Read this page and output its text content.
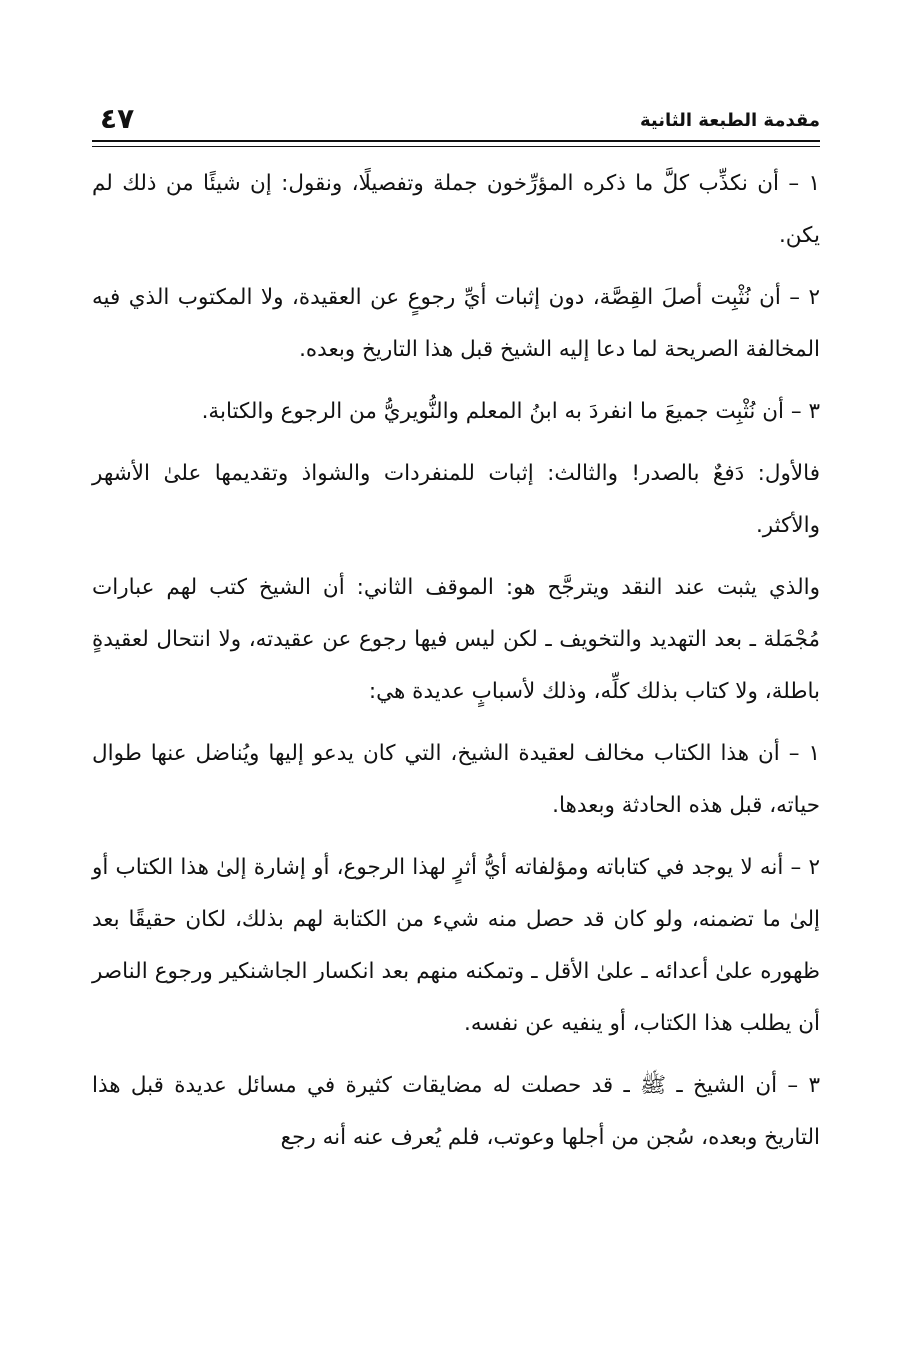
مقدمة الطبعة الثانية
٤٧

١ – أن نكذِّب كلَّ ما ذكره المؤرِّخون جملة وتفصيلًا، ونقول: إن شيئًا من ذلك لم يكن.

٢ – أن نُثْبِت أصلَ القِصَّة، دون إثبات أيِّ رجوعٍ عن العقيدة، ولا المكتوب الذي فيه المخالفة الصريحة لما دعا إليه الشيخ قبل هذا التاريخ وبعده.

٣ – أن نُثْبِت جميعَ ما انفردَ به ابنُ المعلم والنُّويريُّ من الرجوع والكتابة.

فالأول: دَفعٌ بالصدر! والثالث: إثبات للمنفردات والشواذ وتقديمها علىٰ الأشهر والأكثر.

والذي يثبت عند النقد ويترجَّح هو: الموقف الثاني: أن الشيخ كتب لهم عبارات مُجْمَلة ـ بعد التهديد والتخويف ـ لكن ليس فيها رجوع عن عقيدته، ولا انتحال لعقيدةٍ باطلة، ولا كتاب بذلك كلِّه، وذلك لأسبابٍ عديدة هي:

١ – أن هذا الكتاب مخالف لعقيدة الشيخ، التي كان يدعو إليها ويُناضل عنها طوال حياته، قبل هذه الحادثة وبعدها.

٢ – أنه لا يوجد في كتاباته ومؤلفاته أيُّ أثرٍ لهذا الرجوع، أو إشارة إلىٰ هذا الكتاب أو إلىٰ ما تضمنه، ولو كان قد حصل منه شيء من الكتابة لهم بذلك، لكان حقيقًا بعد ظهوره علىٰ أعدائه ـ علىٰ الأقل ـ وتمكنه منهم بعد انكسار الجاشنكير ورجوع الناصر أن يطلب هذا الكتاب، أو ينفيه عن نفسه.

٣ – أن الشيخ ـ ﷺ ـ قد حصلت له مضايقات كثيرة في مسائل عديدة قبل هذا التاريخ وبعده، سُجن من أجلها وعوتب، فلم يُعرف عنه أنه رجع
